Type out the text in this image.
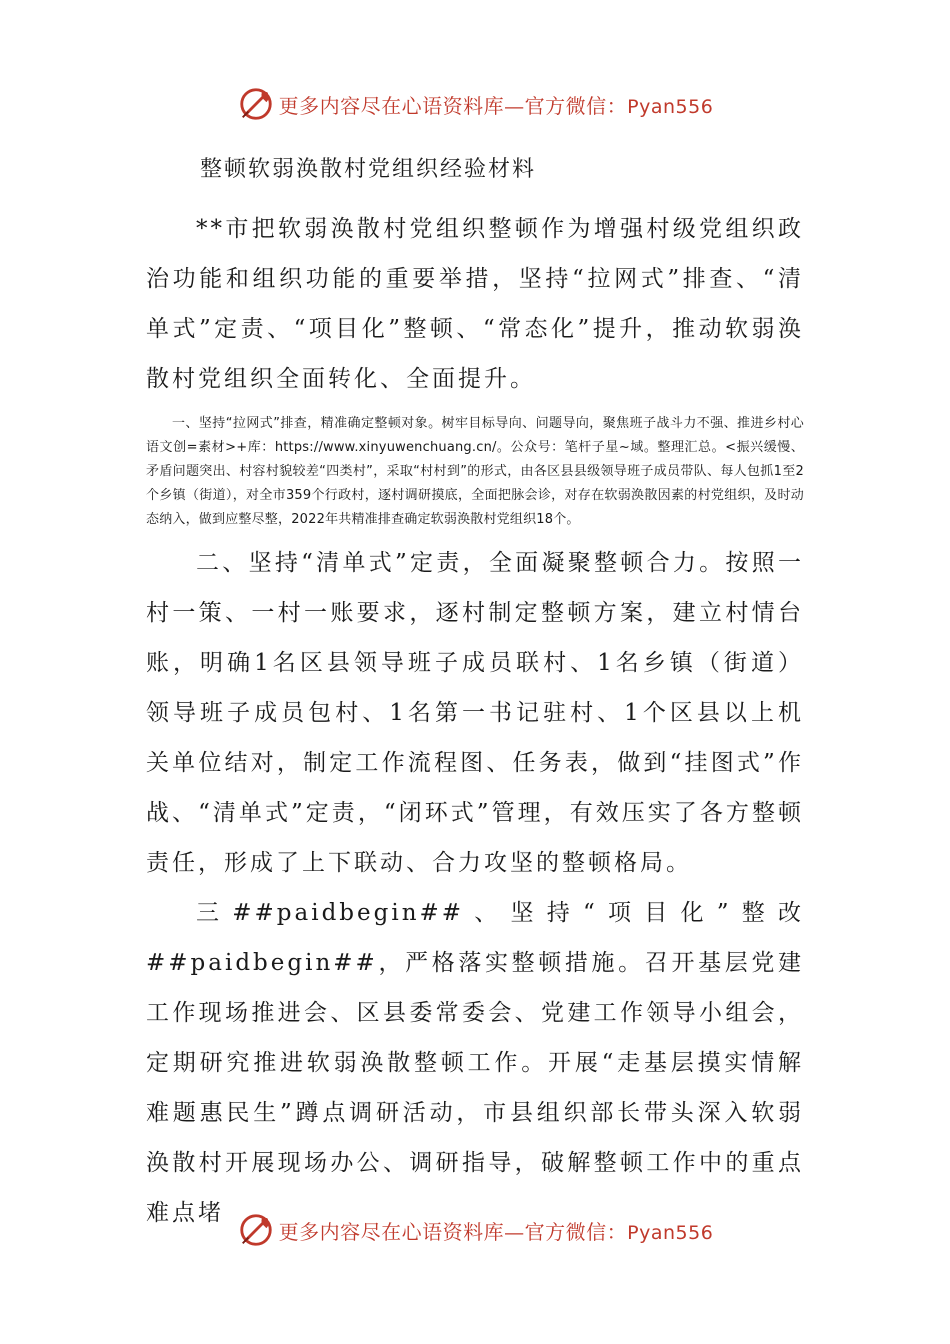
更多内容尽在心语资料库—官方微信：Pyan556

整顿软弱涣散村党组织经验材料

**市把软弱涣散村党组织整顿作为增强村级党组织政治功能和组织功能的重要举措，坚持“拉网式”排查、“清单式”定责、“项目化”整顿、“常态化”提升，推动软弱涣散村党组织全面转化、全面提升。

一、坚持“拉网式”排查，精准确定整顿对象。树牢目标导向、问题导向，聚焦班子战斗力不强、推进乡村心语文创=素材>+库：https://www.xinyuwenchuang.cn/。公众号：笔杆子星~域。整理汇总。<振兴缓慢、矛盾问题突出、村容村貌较差“四类村”，采取“村村到”的形式，由各区县县级领导班子成员带队、每人包抓1至2个乡镇（街道），对全市359个行政村，逐村调研摸底，全面把脉会诊，对存在软弱涣散因素的村党组织，及时动态纳入，做到应整尽整，2022年共精准排查确定软弱涣散村党组织18个。

二、坚持“清单式”定责，全面凝聚整顿合力。按照一村一策、一村一账要求，逐村制定整顿方案，建立村情台账，明确1名区县领导班子成员联村、1名乡镇（街道）领导班子成员包村、1名第一书记驻村、1个区县以上机关单位结对，制定工作流程图、任务表，做到“挂图式”作战、“清单式”定责，“闭环式”管理，有效压实了各方整顿责任，形成了上下联动、合力攻坚的整顿格局。

三##paidbegin##、坚持“项目化”整改##paidbegin##，严格落实整顿措施。召开基层党建工作现场推进会、区县委常委会、党建工作领导小组会，定期研究推进软弱涣散整顿工作。开展“走基层摸实情解难题惠民生”蹲点调研活动，市县组织部长带头深入软弱涣散村开展现场办公、调研指导，破解整顿工作中的重点难点堵

更多内容尽在心语资料库—官方微信：Pyan556
